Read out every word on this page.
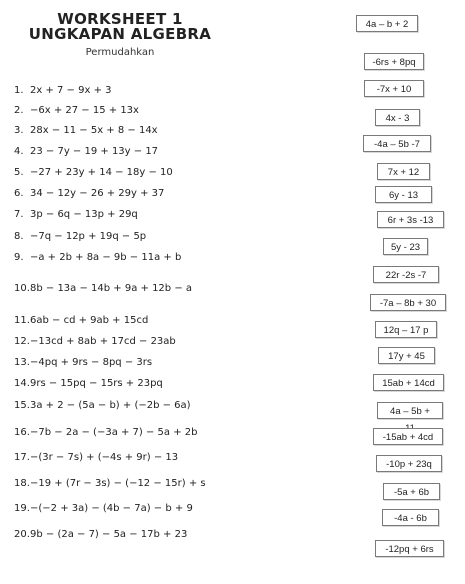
WORKSHEET 1
UNGKAPAN ALGEBRA
Permudahkan
1. 2x + 7 − 9x + 3
2. −6x + 27 − 15 + 13x
3. 28x − 11 − 5x + 8 − 14x
4. 23 − 7y − 19 + 13y − 17
5. −27 + 23y + 14 − 18y − 10
6. 34 − 12y − 26 + 29y + 37
7. 3p − 6q − 13p + 29q
8. −7q − 12p + 19q − 5p
9. −a + 2b + 8a − 9b − 11a + b
10.8b − 13a − 14b + 9a + 12b − a
11.6ab − cd + 9ab + 15cd
12.−13cd + 8ab + 17cd − 23ab
13.−4pq + 9rs − 8pq − 3rs
14.9rs − 15pq − 15rs + 23pq
15.3a + 2 − (5a − b) + (−2b − 6a)
16.−7b − 2a − (−3a + 7) − 5a + 2b
17.−(3r − 7s) + (−4s + 9r) − 13
18.−19 + (7r − 3s) − (−12 − 15r) + s
19.−(−2 + 3a) − (4b − 7a) − b + 9
20.9b − (2a − 7) − 5a − 17b + 23
4a – b + 2
-6rs + 8pq
-7x + 10
4x - 3
-4a – 5b -7
7x + 12
6y - 13
6r + 3s -13
5y - 23
22r -2s -7
-7a – 8b + 30
12q – 17 p
17y + 45
15ab + 14cd
4a – 5b +
-15ab + 4cd
-10p + 23q
-5a + 6b
-4a - 6b
-12pq + 6rs
